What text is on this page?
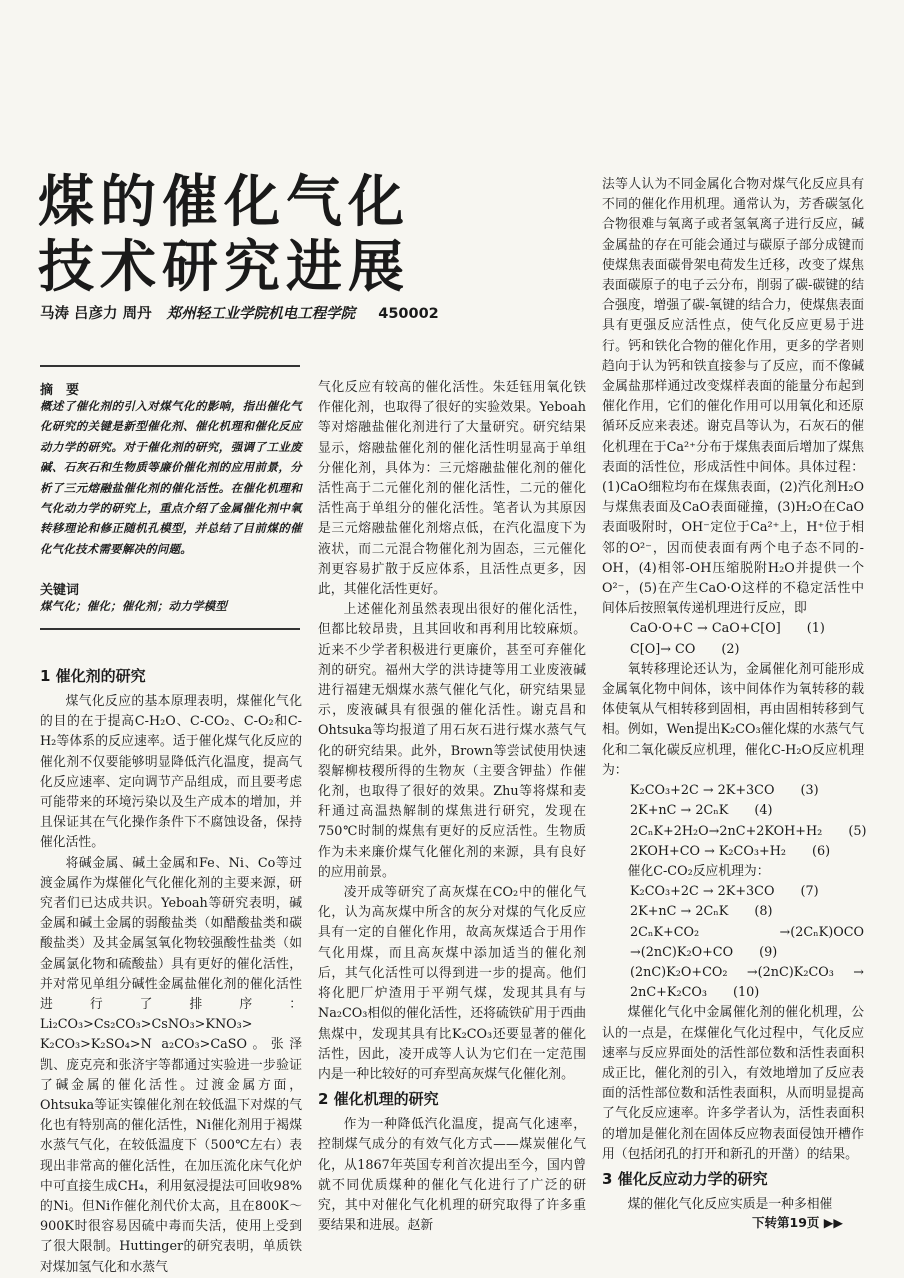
煤的催化气化
技术研究进展
马涛 吕彦力 周丹 郑州轻工业学院机电工程学院 450002
摘　要
概述了催化剂的引入对煤气化的影响，指出催化气化研究的关键是新型催化剂、催化机理和催化反应动力学的研究。对于催化剂的研究，强调了工业废碱、石灰石和生物质等廉价催化剂的应用前景，分析了三元熔融盐催化剂的催化活性。在催化机理和气化动力学的研究上，重点介绍了金属催化剂中氧转移理论和修正随机孔模型，并总结了目前煤的催化气化技术需要解决的问题。
关键词
煤气化；催化；催化剂；动力学模型
1 催化剂的研究

煤气化反应的基本原理表明，煤催化气化的目的在于提高C-H₂O、C-CO₂、C-O₂和C-H₂等体系的反应速率。适于催化煤气化反应的催化剂不仅要能够明显降低汽化温度，提高气化反应速率、定向调节产品组成，而且要考虑可能带来的环境污染以及生产成本的增加，并且保证其在气化操作条件下不腐蚀设备，保持催化活性。

将碱金属、碱土金属和Fe、Ni、Co等过渡金属作为煤催化气化催化剂的主要来源，研究者们已达成共识。Yeboah等研究表明，碱金属和碱土金属的弱酸盐类（如醋酸盐类和碳酸盐类）及其金属氢氧化物较强酸性盐类（如金属氯化物和硫酸盐）具有更好的催化活性，并对常见单组分碱性金属盐催化剂的催化活性进行了排序：Li₂CO₃>Cs₂CO₃>CsNO₃>KNO₃> K₂CO₃>K₂SO₄>N a₂CO₃>CaSO。张泽凯、庞克亮和张济宇等都通过实验进一步验证了碱金属的催化活性。过渡金属方面，Ohtsuka等证实镍催化剂在较低温下对煤的气化也有特别高的催化活性，Ni催化剂用于褐煤水蒸气气化，在较低温度下（500℃左右）表现出非常高的催化活性，在加压流化床气化炉中可直接生成CH₄，利用氨浸提法可回收98%的Ni。但Ni作催化剂代价太高，且在800K～900K时很容易因硫中毒而失活，使用上受到了很大限制。Huttinger的研究表明，单质铁对煤加氢气化和水蒸气

气化反应有较高的催化活性。朱廷钰用氧化铁作催化剂，也取得了很好的实验效果。Yeboah等对熔融盐催化剂进行了大量研究。研究结果显示，熔融盐催化剂的催化活性明显高于单组分催化剂，具体为：三元熔融盐催化剂的催化活性高于二元催化剂的催化活性，二元的催化活性高于单组分的催化活性。笔者认为其原因是三元熔融盐催化剂熔点低，在汽化温度下为液状，而二元混合物催化剂为固态，三元催化剂更容易扩散于反应体系，且活性点更多，因此，其催化活性更好。

上述催化剂虽然表现出很好的催化活性，但都比较昂贵，且其回收和再利用比较麻烦。近来不少学者积极进行更廉价，甚至可弃催化剂的研究。福州大学的洪诗捷等用工业废液碱进行福建无烟煤水蒸气催化气化，研究结果显示，废液碱具有很强的催化活性。谢克昌和Ohtsuka等均报道了用石灰石进行煤水蒸气气化的研究结果。此外，Brown等尝试使用快速裂解柳枝稷所得的生物灰（主要含钾盐）作催化剂，也取得了很好的效果。Zhu等将煤和麦秆通过高温热解制的煤焦进行研究，发现在750℃时制的煤焦有更好的反应活性。生物质作为未来廉价煤气化催化剂的来源，具有良好的应用前景。

凌开成等研究了高灰煤在CO₂中的催化气化，认为高灰煤中所含的灰分对煤的气化反应具有一定的自催化作用，故高灰煤适合于用作气化用煤，而且高灰煤中添加适当的催化剂后，其气化活性可以得到进一步的提高。他们将化肥厂炉渣用于平朔气煤，发现其具有与Na₂CO₃相似的催化活性，还将硫铁矿用于西曲焦煤中，发现其具有比K₂CO₃还要显著的催化活性，因此，凌开成等人认为它们在一定范围内是一种比较好的可弃型高灰煤气化催化剂。

2 催化机理的研究

作为一种降低汽化温度，提高气化速率，控制煤气成分的有效气化方式——煤炭催化气化，从1867年英国专利首次提出至今，国内曾就不同优质煤种的催化气化进行了广泛的研究，其中对催化气化机理的研究取得了许多重要结果和进展。赵新

法等人认为不同金属化合物对煤气化反应具有不同的催化作用机理。通常认为，芳香碳氢化合物很难与氧离子或者氢氧离子进行反应，碱金属盐的存在可能会通过与碳原子部分成键而使煤焦表面碳骨架电荷发生迁移，改变了煤焦表面碳原子的电子云分布，削弱了碳-碳键的结合强度，增强了碳-氧键的结合力，使煤焦表面具有更强反应活性点，使气化反应更易于进行。钙和铁化合物的催化作用，更多的学者则趋向于认为钙和铁直接参与了反应，而不像碱金属盐那样通过改变煤样表面的能量分布起到催化作用，它们的催化作用可以用氧化和还原循环反应来表述。谢克昌等认为，石灰石的催化机理在于Ca²⁺分布于煤焦表面后增加了煤焦表面的活性位，形成活性中间体。具体过程：(1)CaO细粒均布在煤焦表面，(2)汽化剂H₂O与煤焦表面及CaO表面碰撞，(3)H₂O在CaO表面吸附时，OH⁻定位于Ca²⁺上，H⁺位于相邻的O²⁻，因而使表面有两个电子态不同的-OH，(4)相邻-OH压缩脱附H₂O并提供一个O²⁻，(5)在产生CaO·O这样的不稳定活性中间体后按照氧传递机理进行反应，即

CaO·O+C → CaO+C[O] (1)
C[O]→ CO (2)

氧转移理论还认为，金属催化剂可能形成金属氧化物中间体，该中间体作为氧转移的载体使氧从气相转移到固相，再由固相转移到气相。例如，Wen提出K₂CO₃催化煤的水蒸气气化和二氧化碳反应机理，催化C-H₂O反应机理为：

K₂CO₃+2C → 2K+3CO (3)
2K+nC → 2CₙK (4)
2CₙK+2H₂O→2nC+2KOH+H₂ (5)
2KOH+CO → K₂CO₃+H₂ (6)

催化C-CO₂反应机理为：

K₂CO₃+2C → 2K+3CO (7)
2K+nC → 2CₙK (8)
2CₙK+CO₂ →(2CₙK)OCO →(2nC)K₂O+CO (9)
(2nC)K₂O+CO₂ →(2nC)K₂CO₃ → 2nC+K₂CO₃ (10)

煤催化气化中金属催化剂的催化机理，公认的一点是，在煤催化气化过程中，气化反应速率与反应界面处的活性部位数和活性表面积成正比，催化剂的引入，有效地增加了反应表面的活性部位数和活性表面积，从而明显提高了气化反应速率。许多学者认为，活性表面积的增加是催化剂在固体反应物表面侵蚀开槽作用（包括闭孔的打开和新孔的开凿）的结果。

3 催化反应动力学的研究

煤的催化气化反应实质是一种多相催

下转第19页 ▶▶
